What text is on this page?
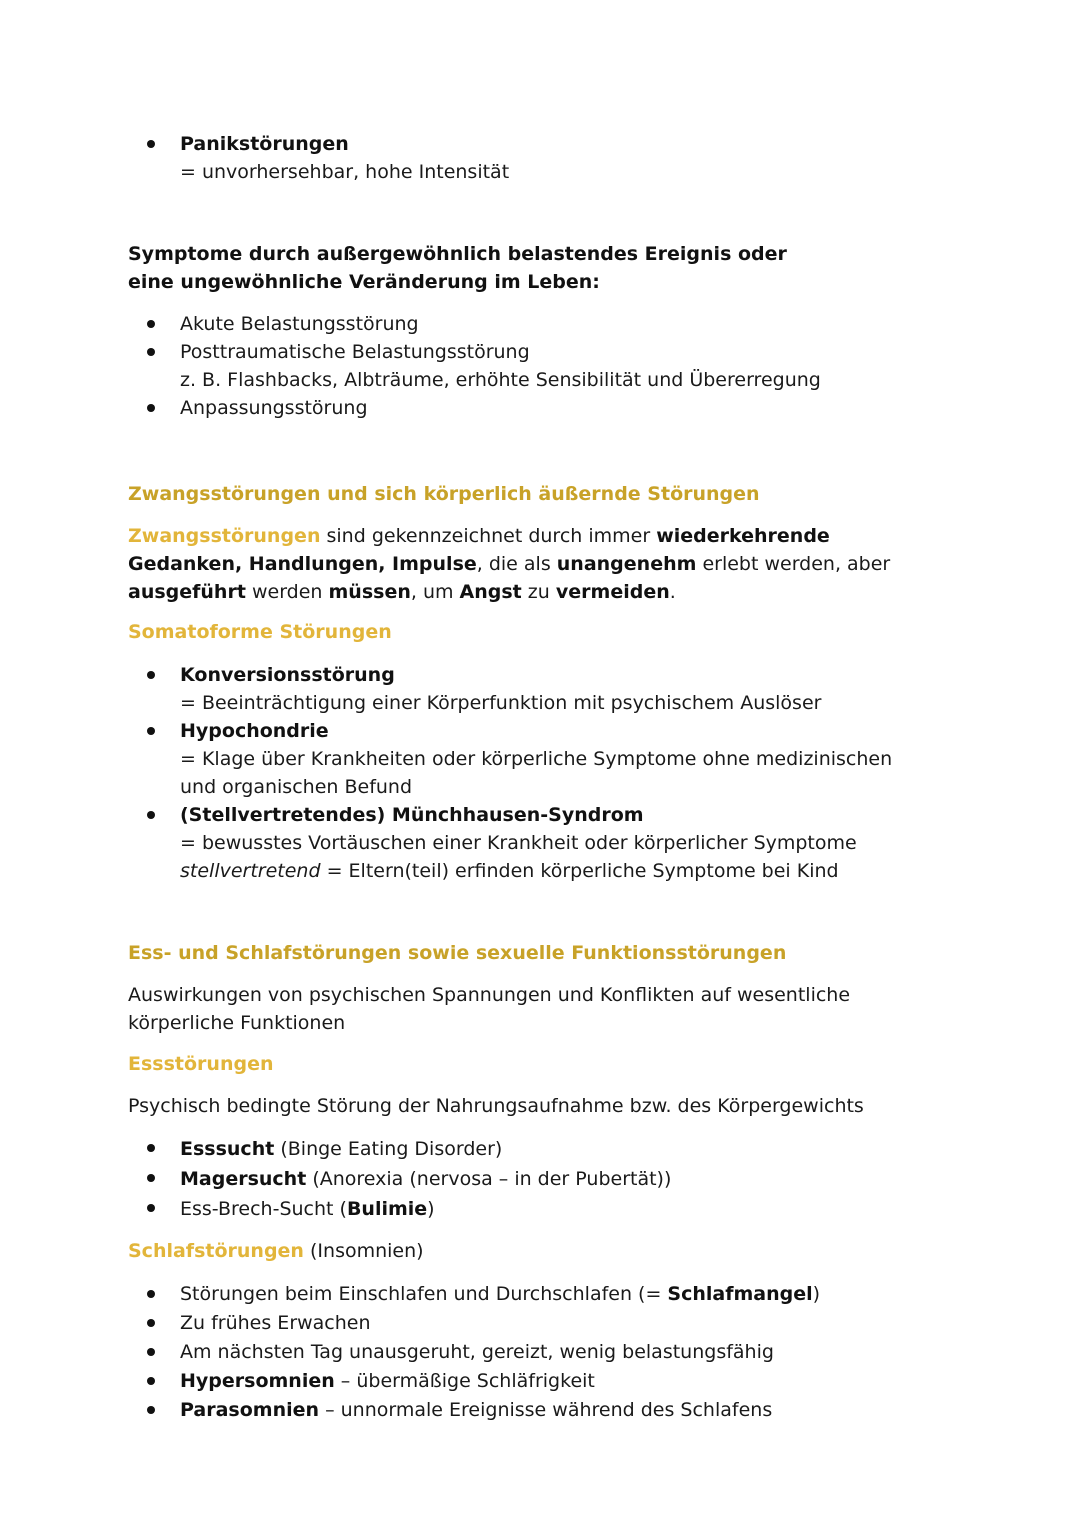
Panikstörungen
= unvorhersehbar, hohe Intensität
Symptome durch außergewöhnlich belastendes Ereignis oder eine ungewöhnliche Veränderung im Leben:
Akute Belastungsstörung
Posttraumatische Belastungsstörung
z. B. Flashbacks, Albträume, erhöhte Sensibilität und Übererregung
Anpassungsstörung
Zwangsstörungen und sich körperlich äußernde Störungen
Zwangsstörungen sind gekennzeichnet durch immer wiederkehrende Gedanken, Handlungen, Impulse, die als unangenehm erlebt werden, aber ausgeführt werden müssen, um Angst zu vermeiden.
Somatoforme Störungen
Konversionsstörung
= Beeinträchtigung einer Körperfunktion mit psychischem Auslöser
Hypochondrie
= Klage über Krankheiten oder körperliche Symptome ohne medizinischen und organischen Befund
(Stellvertretendes) Münchhausen-Syndrom
= bewusstes Vortäuschen einer Krankheit oder körperlicher Symptome
stellvertretend = Eltern(teil) erfinden körperliche Symptome bei Kind
Ess- und Schlafstörungen sowie sexuelle Funktionsstörungen
Auswirkungen von psychischen Spannungen und Konflikten auf wesentliche körperliche Funktionen
Essstörungen
Psychisch bedingte Störung der Nahrungsaufnahme bzw. des Körpergewichts
Esssucht (Binge Eating Disorder)
Magersucht (Anorexia (nervosa – in der Pubertät))
Ess-Brech-Sucht (Bulimie)
Schlafstörungen (Insomnien)
Störungen beim Einschlafen und Durchschlafen (= Schlafmangel)
Zu frühes Erwachen
Am nächsten Tag unausgeruht, gereizt, wenig belastungsfähig
Hypersomnien – übermäßige Schläfrigkeit
Parasomnien – unnormale Ereignisse während des Schlafens
